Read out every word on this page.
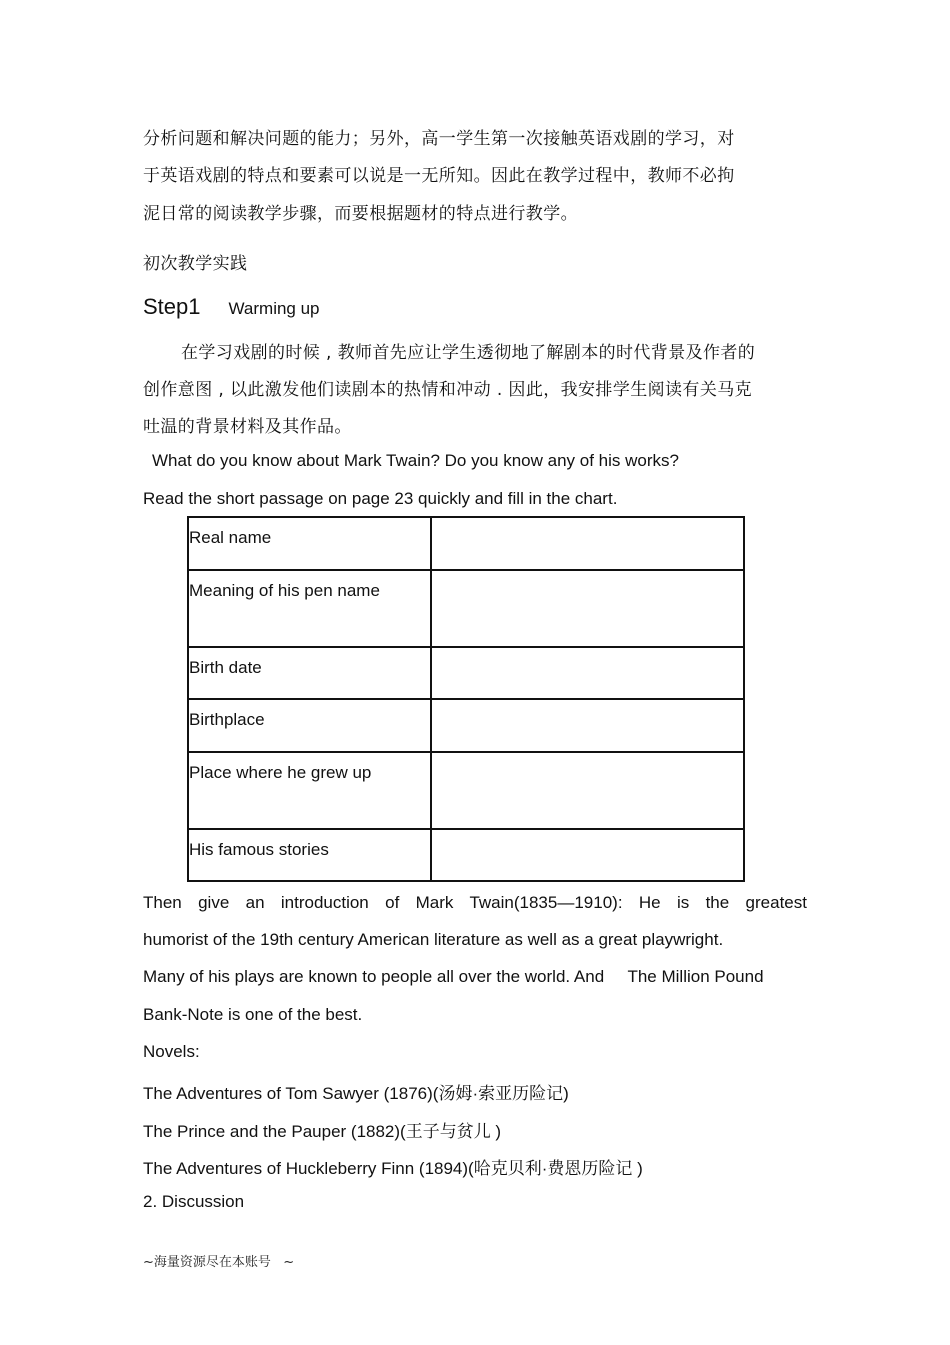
分析问题和解决问题的能力；另外，高一学生第一次接触英语戏剧的学习，对
于英语戏剧的特点和要素可以说是一无所知。因此在教学过程中，教师不必拘
泥日常的阅读教学步骤，而要根据题材的特点进行教学。
初次教学实践
Step1 Warming up
在学习戏剧的时候 , 教师首先应让学生透彻地了解剧本的时代背景及作者的
创作意图 , 以此激发他们读剧本的热情和冲动 . 因此，我安排学生阅读有关马克
吐温的背景材料及其作品。
What do you know about Mark Twain? Do you know any of his works?
Read the short passage on page 23 quickly and fill in the chart.
Real name	
Meaning of his pen name	
Birth date	
Birthplace	
Place where he grew up	
His famous stories	
Then give an introduction of Mark Twain(1835—1910): He is the greatest
humorist of the 19th century American literature as well as a great playwright.
Many of his plays are known to people all over the world. And     The Million Pound
Bank-Note is one of the best.
Novels:
The Adventures of Tom Sawyer (1876)(汤姆·索亚历险记)
The Prince and the Pauper (1882)(王子与贫儿 )
The Adventures of Huckleberry Finn (1894)(哈克贝利·费恩历险记 )
2. Discussion
~海量资源尽在本账号   ~
